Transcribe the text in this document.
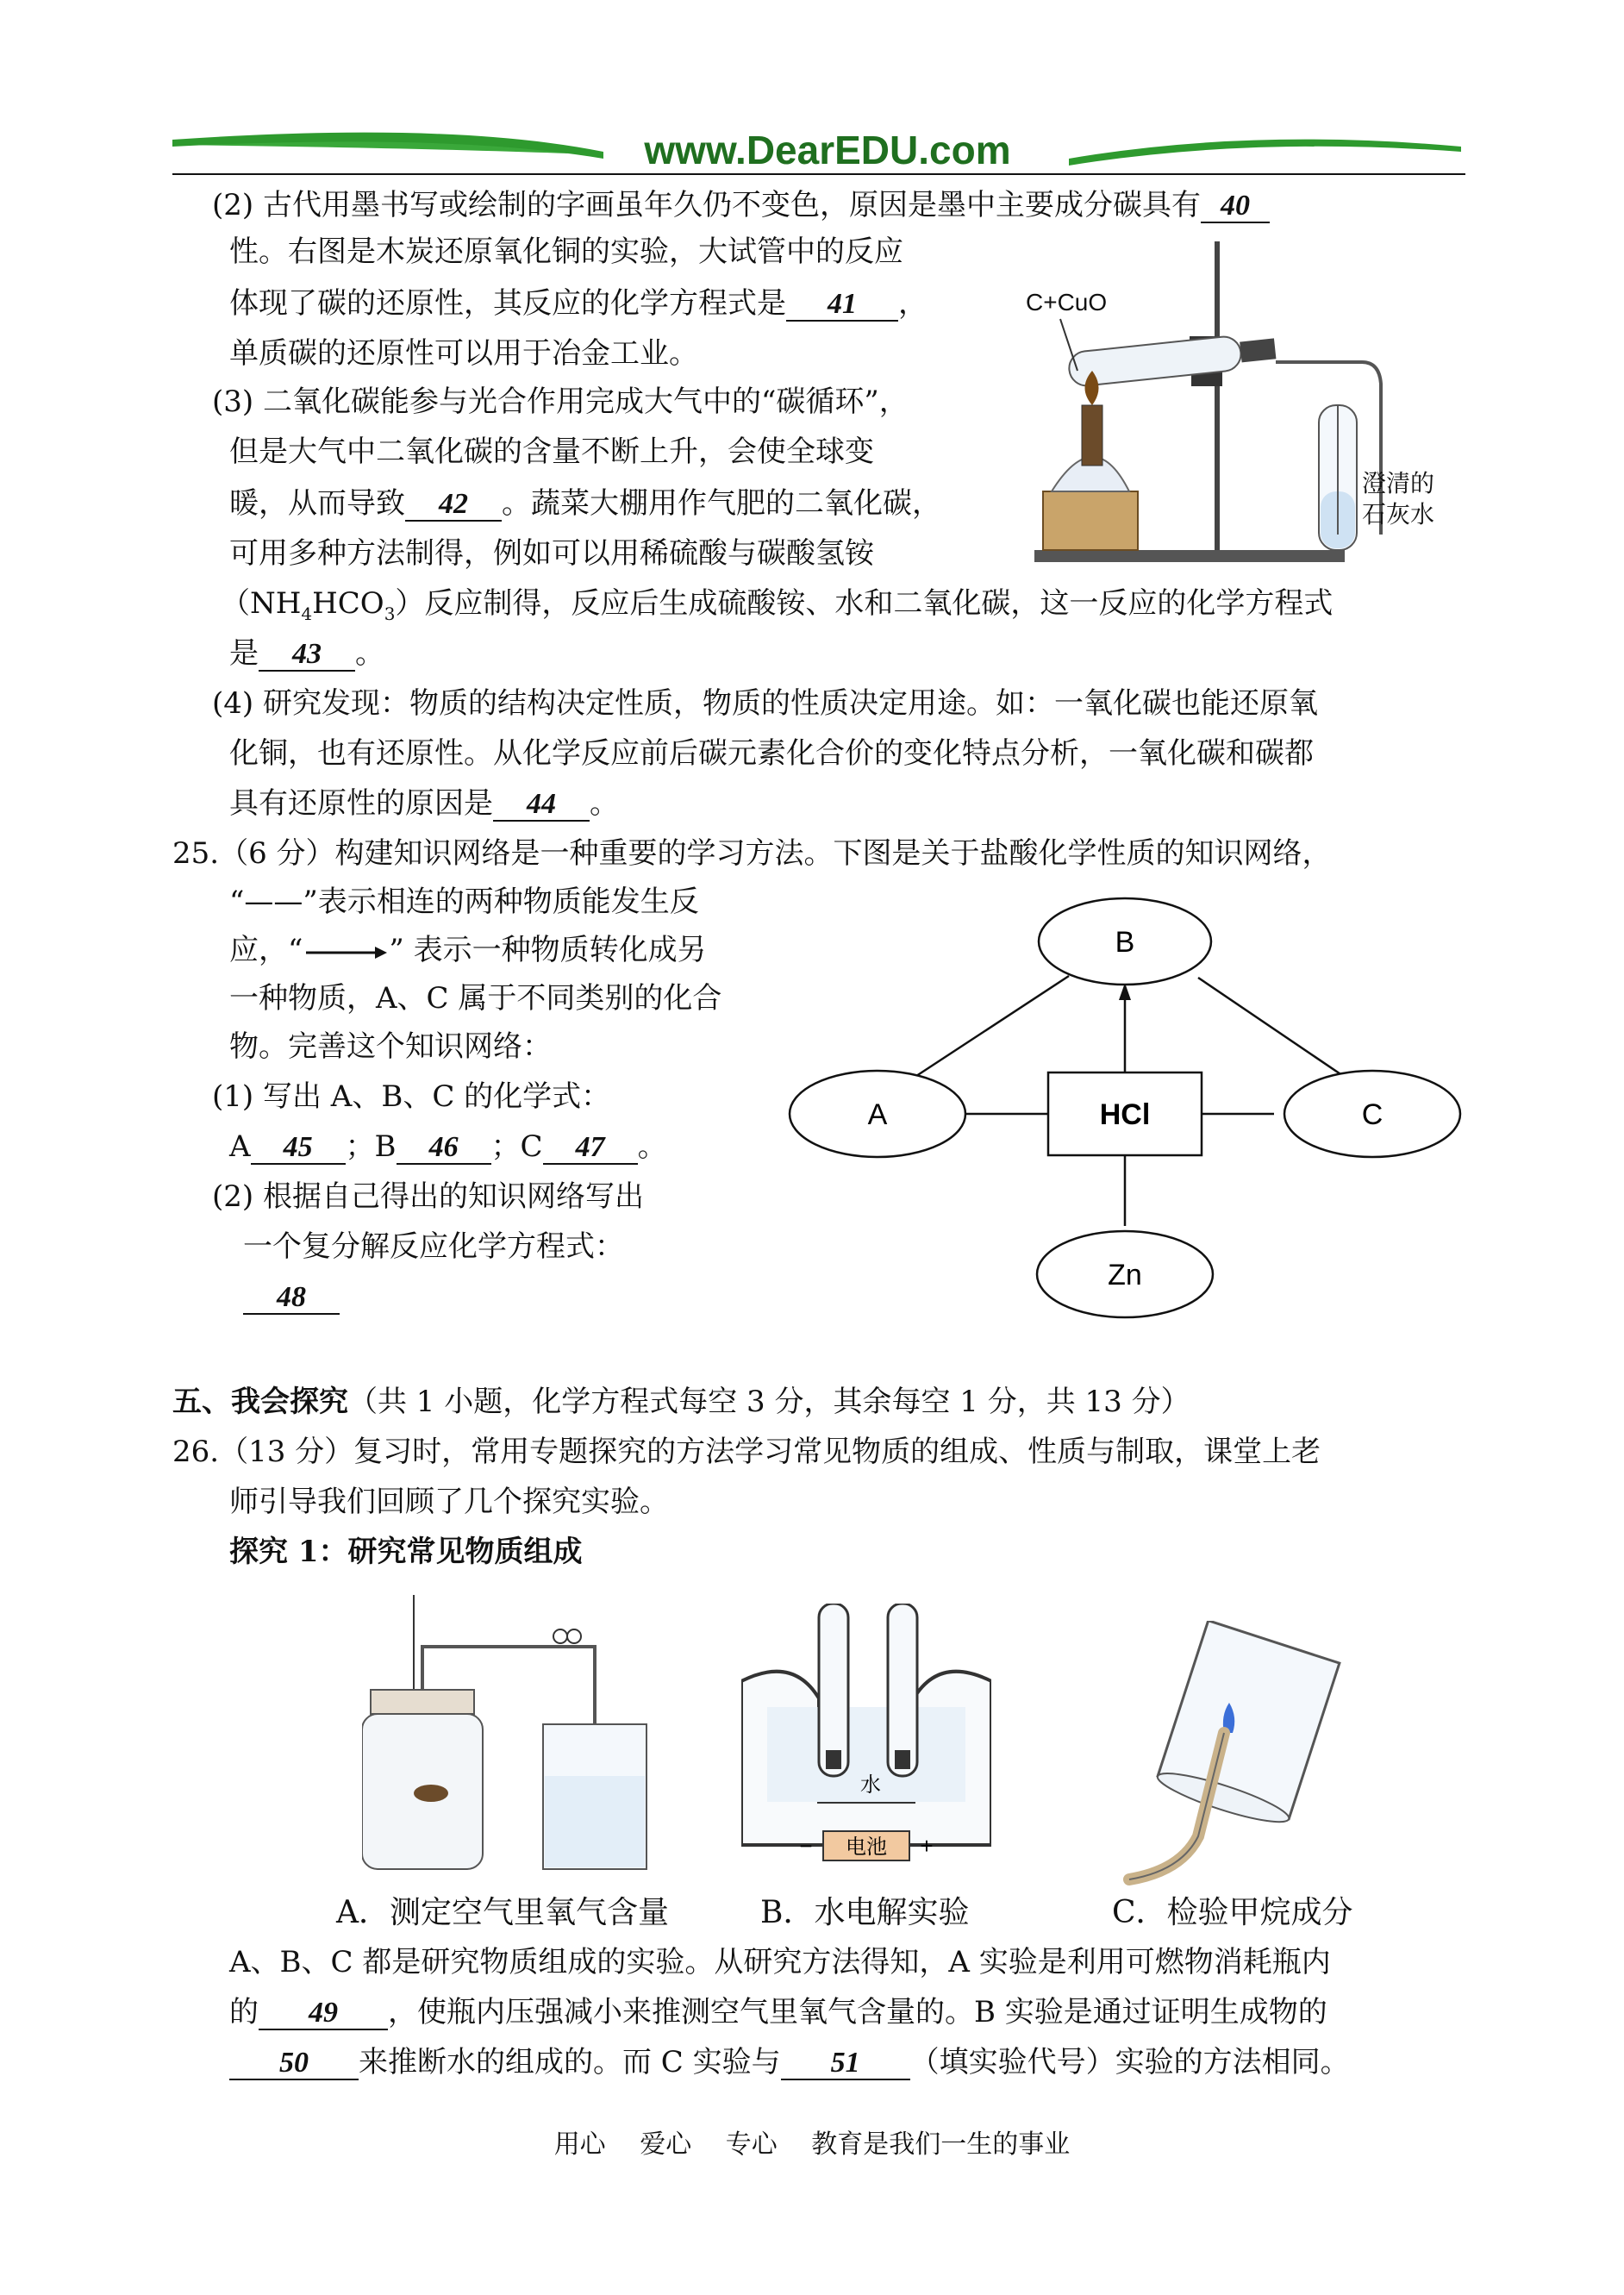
www.DearEDU.com
(2) 古代用墨书写或绘制的字画虽年久仍不变色，原因是墨中主要成分碳具有 40
性。右图是木炭还原氧化铜的实验，大试管中的反应
体现了碳的还原性，其反应的化学方程式是 41 ，
单质碳的还原性可以用于冶金工业。
(3) 二氧化碳能参与光合作用完成大气中的“碳循环”，
但是大气中二氧化碳的含量不断上升，会使全球变
暖，从而导致 42 。蔬菜大棚用作气肥的二氧化碳，
可用多种方法制得，例如可以用稀硫酸与碳酸氢铵
$(NH_4HCO_3)$反应制得，反应后生成硫酸铵、水和二氧化碳，这一反应的化学方程式
是 43 。
(4) 研究发现：物质的结构决定性质，物质的性质决定用途。如：一氧化碳也能还原氧
化铜，也有还原性。从化学反应前后碳元素化合价的变化特点分析，一氧化碳和碳都
具有还原性的原因是 44 。
C+CuO
澄清的
石灰水
25.（6 分）构建知识网络是一种重要的学习方法。下图是关于盐酸化学性质的知识网络，
“——”表示相连的两种物质能发生反
应，“	” 表示一种物质转化成另
一种物质，A、C 属于不同类别的化合
物。完善这个知识网络：
(1) 写出 A、B、C 的化学式：
A 45 ；B 46 ；C 47 。
(2) 根据自己得出的知识网络写出
一个复分解反应化学方程式：
48
B
A	C
Zn
HCl
五、我会探究（共 1 小题，化学方程式每空 3 分，其余每空 1 分，共 13 分）
26.（13 分）复习时，常用专题探究的方法学习常见物质的组成、性质与制取，课堂上老
师引导我们回顾了几个探究实验。
探究 1：研究常见物质组成
水
电池
−	+
A．测定空气里氧气含量	B．水电解实验	C．检验甲烷成分
A、B、C 都是研究物质组成的实验。从研究方法得知，A 实验是利用可燃物消耗瓶内
的 49 ，使瓶内压强减小来推测空气里氧气含量的。B 实验是通过证明生成物的
50 来推断水的组成的。而 C 实验与 51 （填实验代号）实验的方法相同。
用心 爱心 专心 教育是我们一生的事业
